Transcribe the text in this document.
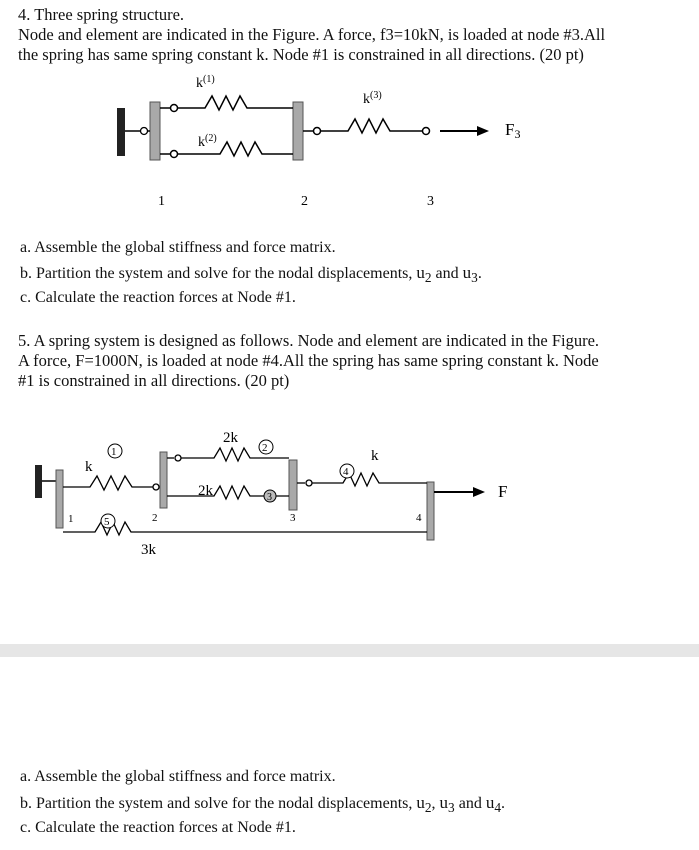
4. Three spring structure.
Node and element are indicated in the Figure. A force, f3=10kN, is loaded at node #3.All
the spring has same spring constant k. Node #1 is constrained in all directions. (20 pt)
$k^{(1)}$
$k^{(2)}$
$k^{(3)}$
F3
1	2	3
a. Assemble the global stiffness and force matrix.
b. Partition the system and solve for the nodal displacements, $u_2$ and $u_3$.
c. Calculate the reaction forces at Node #1.
5. A spring system is designed as follows. Node and element are indicated in the Figure.
A force, F=1000N, is loaded at node #4.All the spring has same spring constant k. Node
#1 is constrained in all directions. (20 pt)
1	2
3
4
5
k
2k
2k
k
3k
F
1	2	3	4
a. Assemble the global stiffness and force matrix.
b. Partition the system and solve for the nodal displacements, $u_2$, $u_3$ and $u_4$.
c. Calculate the reaction forces at Node #1.
